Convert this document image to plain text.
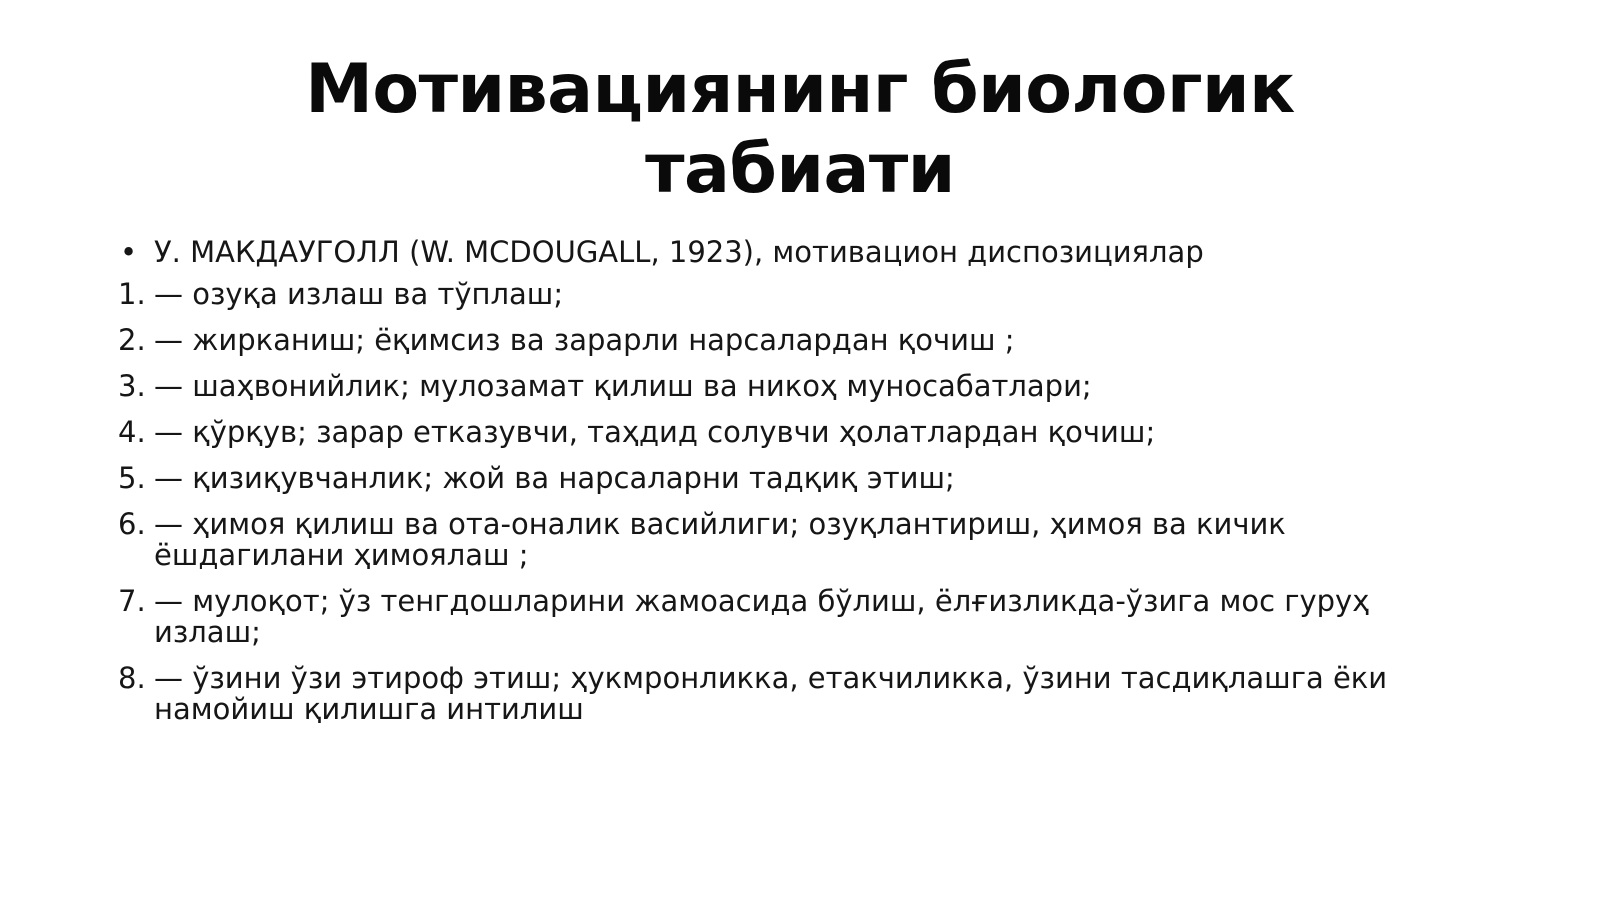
Мотивациянинг биологик
табиати
• У. МАКДАУГОЛЛ (W. MCDOUGALL, 1923), мотивацион диспозициялар
1. — озуқа излаш ва тўплаш;
2. — жирканиш; ёқимсиз ва зарарли нарсалардан қочиш ;
3. — шаҳвонийлик; мулозамат қилиш ва никоҳ муносабатлари;
4. — қўрқув; зарар етказувчи, таҳдид солувчи ҳолатлардан қочиш;
5. — қизиқувчанлик; жой ва нарсаларни тадқиқ этиш;
6. — ҳимоя қилиш ва ота-оналик васийлиги; озуқлантириш, ҳимоя ва кичик ёшдагилани ҳимоялаш ;
7. — мулоқот; ўз тенгдошларини жамоасида бўлиш, ёлғизликда-ўзига мос гуруҳ излаш;
8. — ўзини ўзи этироф этиш; ҳукмронликка, етакчиликка, ўзини тасдиқлашга ёки намойиш қилишга интилиш
